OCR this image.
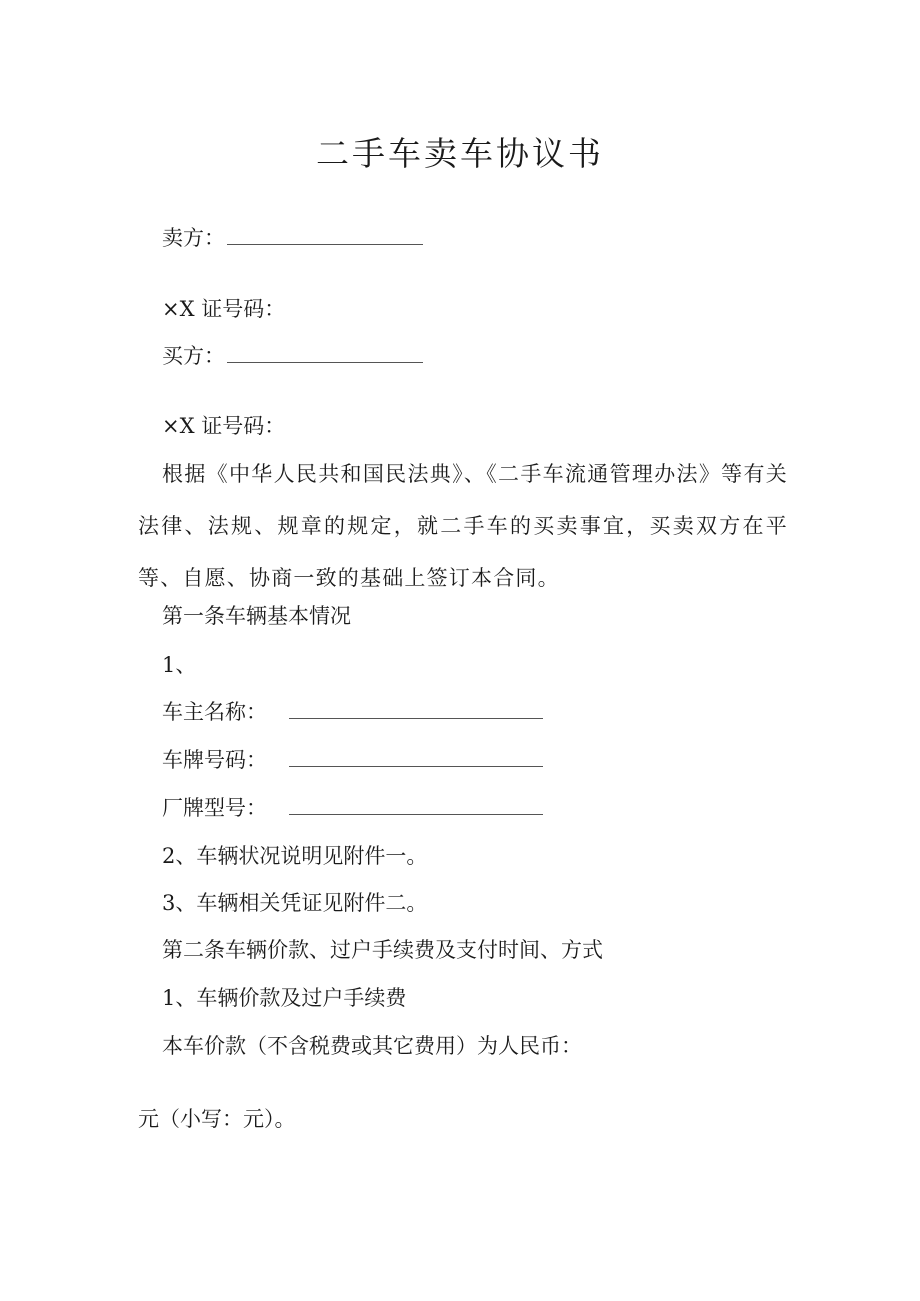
二手车卖车协议书
卖方：
×X 证号码：
买方：
×X 证号码：
根据《中华人民共和国民法典》、《二手车流通管理办法》等有关法律、法规、规章的规定，就二手车的买卖事宜，买卖双方在平等、自愿、协商一致的基础上签订本合同。
第一条车辆基本情况
1、
车主名称：
车牌号码：
厂牌型号：
2、车辆状况说明见附件一。
3、车辆相关凭证见附件二。
第二条车辆价款、过户手续费及支付时间、方式
1、车辆价款及过户手续费
本车价款（不含税费或其它费用）为人民币：
元（小写：元）。
